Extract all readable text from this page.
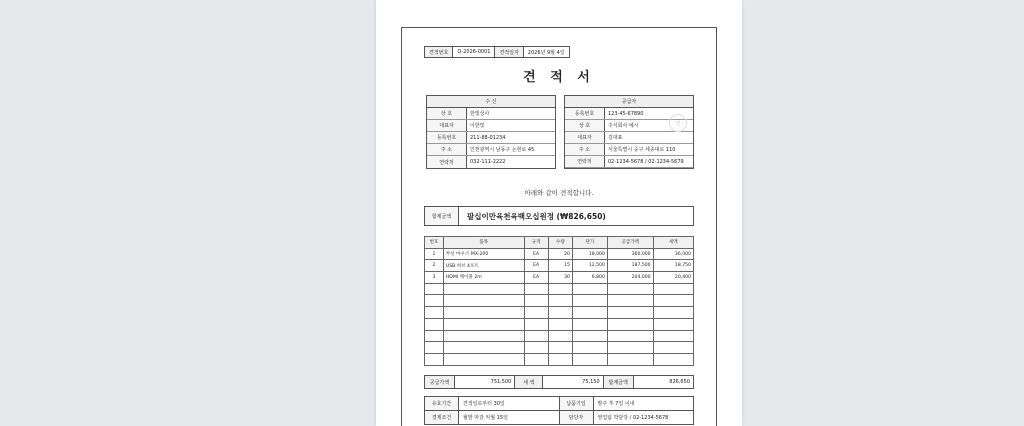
견적번호	Q-2026-0001	견적일자	2026년 9월 4일
견 적 서
수 신
상 호	한빛상사
대표자	이한빛
등록번호	211-88-01234
주 소	인천광역시 남동구 논현로 45
연락처	032-111-2222
공급자
등록번호	123-45-67890
상 호	주식회사 예시
대표자	김대표
주 소	서울특별시 중구 세종대로 110
연락처	02-1234-5678 / 02-1234-5679
인
아래와 같이 견적합니다.
합계금액	팔십이만육천육백오십원정 (₩826,650)
번호	품목	규격	수량	단가	공급가액	세액
1	무선 마우스 MX-200	EA	20	18,000	360,000	36,000
2	USB 허브 4포트	EA	15	12,500	187,500	18,750
3	HDMI 케이블 2m	EA	30	6,800	204,000	20,400

공급가액	751,500	세 액	75,150	합계금액	826,650
유효기간	견적일로부터 30일	납품기일	발주 후 7일 이내
결제조건	월말 마감 익월 15일	담당자	영업팀 박담당 / 02-1234-5678
